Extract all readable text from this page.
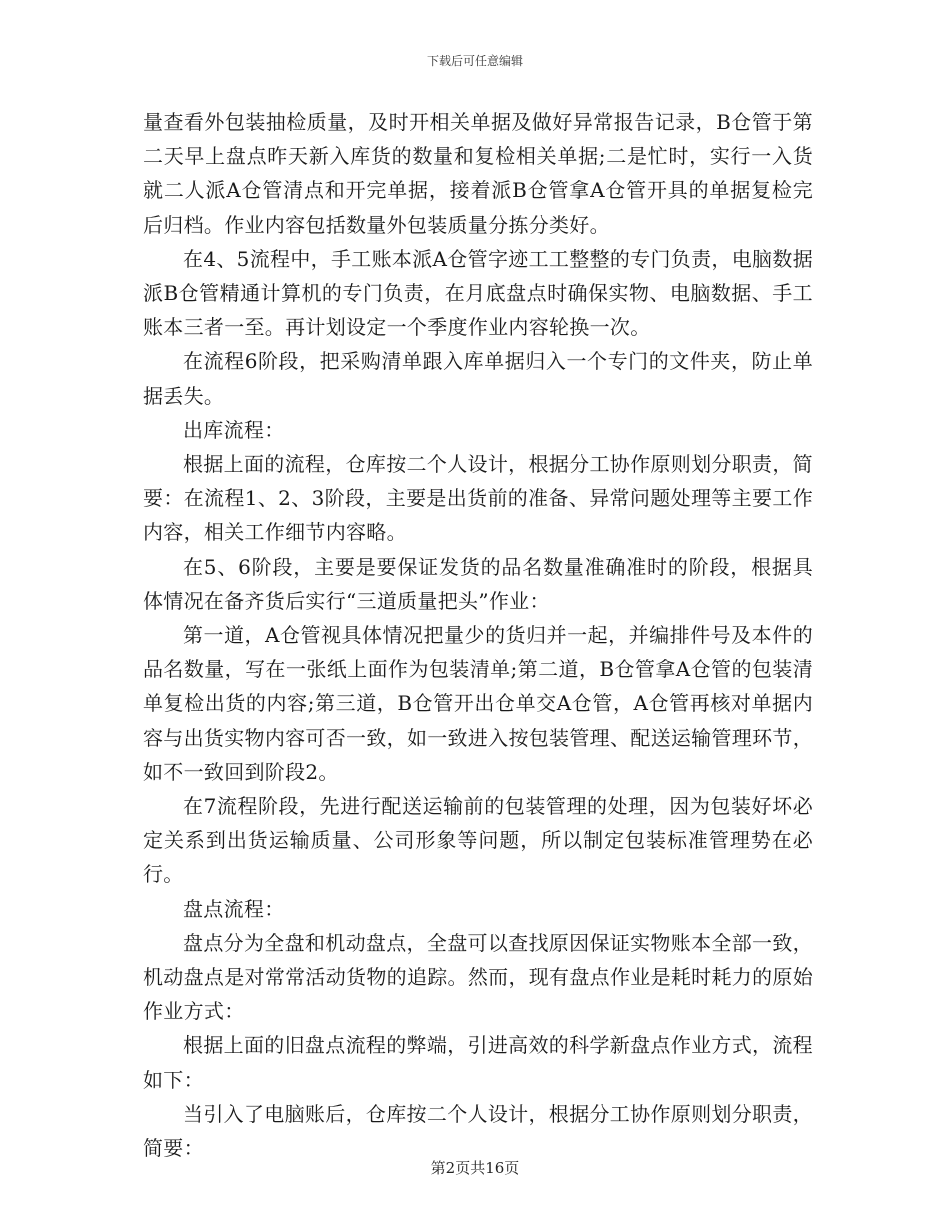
下载后可任意编辑

量查看外包装抽检质量，及时开相关单据及做好异常报告记录，B仓管于第二天早上盘点昨天新入库货的数量和复检相关单据;二是忙时，实行一入货就二人派A仓管清点和开完单据，接着派B仓管拿A仓管开具的单据复检完后归档。作业内容包括数量外包装质量分拣分类好。

在4、5流程中，手工账本派A仓管字迹工工整整的专门负责，电脑数据派B仓管精通计算机的专门负责，在月底盘点时确保实物、电脑数据、手工账本三者一至。再计划设定一个季度作业内容轮换一次。

在流程6阶段，把采购清单跟入库单据归入一个专门的文件夹，防止单据丢失。

出库流程：

根据上面的流程，仓库按二个人设计，根据分工协作原则划分职责，简要：在流程1、2、3阶段，主要是出货前的准备、异常问题处理等主要工作内容，相关工作细节内容略。

在5、6阶段，主要是要保证发货的品名数量准确准时的阶段，根据具体情况在备齐货后实行“三道质量把头”作业：

第一道，A仓管视具体情况把量少的货归并一起，并编排件号及本件的品名数量，写在一张纸上面作为包装清单;第二道，B仓管拿A仓管的包装清单复检出货的内容;第三道，B仓管开出仓单交A仓管，A仓管再核对单据内容与出货实物内容可否一致，如一致进入按包装管理、配送运输管理环节，如不一致回到阶段2。

在7流程阶段，先进行配送运输前的包装管理的处理，因为包装好坏必定关系到出货运输质量、公司形象等问题，所以制定包装标准管理势在必行。

盘点流程：

盘点分为全盘和机动盘点，全盘可以查找原因保证实物账本全部一致，机动盘点是对常常活动货物的追踪。然而，现有盘点作业是耗时耗力的原始作业方式：

根据上面的旧盘点流程的弊端，引进高效的科学新盘点作业方式，流程如下：

当引入了电脑账后，仓库按二个人设计，根据分工协作原则划分职责，简要：

第2页共16页
